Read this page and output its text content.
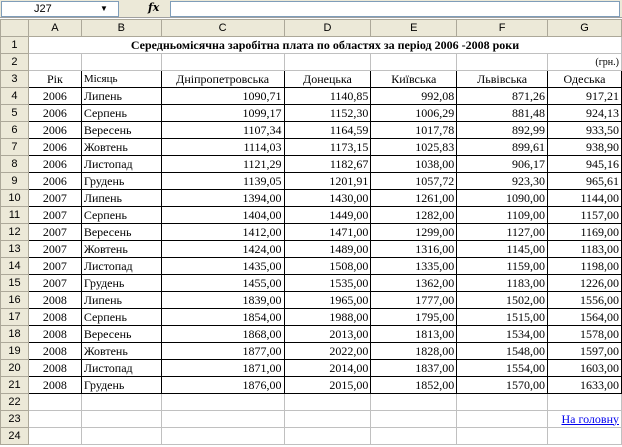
J27	▼	fx
	A	B	C	D	E	F	G
1	Середньомісячна заробітна плата по областях за період 2006 -2008 роки						
2							(грн.)
3	Рік	Місяць	Дніпропетровська	Донецька	Київська	Львівська	Одеська
4	2006	Липень	1090,71	1140,85	992,08	871,26	917,21
5	2006	Серпень	1099,17	1152,30	1006,29	881,48	924,13
6	2006	Вересень	1107,34	1164,59	1017,78	892,99	933,50
7	2006	Жовтень	1114,03	1173,15	1025,83	899,61	938,90
8	2006	Листопад	1121,29	1182,67	1038,00	906,17	945,16
9	2006	Грудень	1139,05	1201,91	1057,72	923,30	965,61
10	2007	Липень	1394,00	1430,00	1261,00	1090,00	1144,00
11	2007	Серпень	1404,00	1449,00	1282,00	1109,00	1157,00
12	2007	Вересень	1412,00	1471,00	1299,00	1127,00	1169,00
13	2007	Жовтень	1424,00	1489,00	1316,00	1145,00	1183,00
14	2007	Листопад	1435,00	1508,00	1335,00	1159,00	1198,00
15	2007	Грудень	1455,00	1535,00	1362,00	1183,00	1226,00
16	2008	Липень	1839,00	1965,00	1777,00	1502,00	1556,00
17	2008	Серпень	1854,00	1988,00	1795,00	1515,00	1564,00
18	2008	Вересень	1868,00	2013,00	1813,00	1534,00	1578,00
19	2008	Жовтень	1877,00	2022,00	1828,00	1548,00	1597,00
20	2008	Листопад	1871,00	2014,00	1837,00	1554,00	1603,00
21	2008	Грудень	1876,00	2015,00	1852,00	1570,00	1633,00
22							
23							На головну
24							
